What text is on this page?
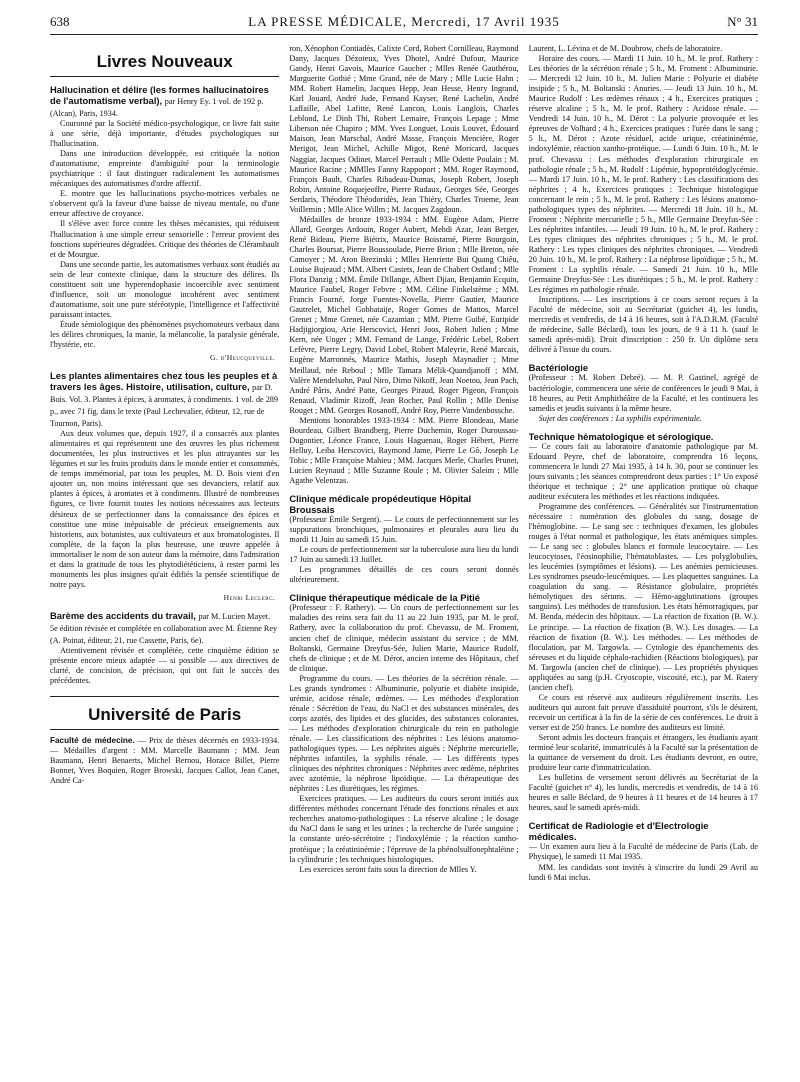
638	LA PRESSE MÉDICALE, Mercredi, 17 Avril 1935	N° 31
Livres Nouveaux
Hallucination et délire (les formes hallucinatoires de l'automatisme verbal), par Henry Ey. 1 vol. de 192 p. (Alcan), Paris, 1934.

Couronné par la Société médico-psychologique, ce livre fait suite à une série, déjà importante, d'études psychologiques sur l'hallucination.

Dans une introduction développée, est critiquée la notion d'automatisme, empreinte d'ambiguïté pour la terminologie psychiatrique : il faut distinguer radicalement les automatismes mécaniques des automatismes d'ordre affectif.

E. montre que les hallucinations psycho-motrices verbales ne s'observent qu'à la faveur d'une baisse de niveau mentale, ou d'une erreur affective de croyance.

Il s'élève avec force contre les thèses mécanistes, qui réduisent l'hallucination à une simple erreur sensorielle : l'erreur provient des fonctions supérieures dégradées. Critique des théories de Clérambault et de Mourgue.

Dans une seconde partie, les automatismes verbaux sont étudiés au sein de leur contexte clinique, dans la structure des délires. Ils constituent soit une hyperendophasie incoercible avec sentiment d'influence, soit un monologue incohérent avec sentiment d'automatisme, soit une pure stéréotypie, l'intelligence et l'affectivité paraissant intactes.

Étude sémiologique des phénomènes psychomoteurs verbaux dans les délires chroniques, la manie, la mélancolie, la paralysie générale, l'hystérie, etc.

G. d'Heucqueville.
Les plantes alimentaires chez tous les peuples et à travers les âges. Histoire, utilisation, culture, par D. Bois. Vol. 3. Plantes à épices, à aromates, à condiments. 1 vol. de 289 p., avec 71 fig. dans le texte (Paul Lechevalier, éditeur, 12, rue de Tournon, Paris).

Aux deux volumes que, depuis 1927, il a consacrés aux plantes alimentaires et qui représentent une des œuvres les plus richement documentées, les plus instructives et les plus attrayantes sur les légumes et sur les fruits produits dans le monde entier et consommés, de temps immémorial, par tous les peuples, M. D. Bois vient d'en ajouter un, non moins intéressant que ses devanciers, relatif aux plantes à épices, à aromates et à condiments. Illustré de nombreuses figures, ce livre fournit toutes les notions nécessaires aux lecteurs désireux de se perfectionner dans la connaissance des épices et constitue une mine inépuisable de précieux enseignements aux historiens, aux botanistes, aux cultivateurs et aux bromatologistes. Il complète, de la façon la plus heureuse, une œuvre appelée à immortaliser le nom de son auteur dans la mémoire, dans l'admiration et dans la gratitude de tous les phytodiététiciens, à rester parmi les monuments les plus insignes qu'ait édifiés la pensée scientifique de notre pays.

Henri Leclerc.
Barème des accidents du travail, par M. Lucien Mayet. 5e édition révisée et complétée en collaboration avec M. Étienne Rey (A. Poinat, éditeur, 21, rue Cassette, Paris, 6e).

Attentivement révisée et complétée, cette cinquième édition se présente encore mieux adaptée — si possible — aux directives de clarté, de concision, de précision, qui ont fait le succès des précédentes.

Université de Paris

Faculté de médecine. — Prix de thèses décernés en 1933-1934. — Médailles d'argent : MM. Marcelle Baumann ; MM. Jean Baumann, Henri Benaerts, Michel Bernou, Horace Billet, Pierre Bonnet, Yves Boquien, Roger Browski, Jacques Callot, Jean Canet, André Ca-

ron, Xénophon Contiadès, Calixte Cord, Robert Cornilleau, Raymond Dany, Jacques Dézoteux, Yves Dhotel, André Dufour, Maurice Gandy, Henri Gavois, Maurice Gaucher ; Mlles Renée Gauthérou, Marguerite Gothié ; Mme Grand, née de Mary ; Mlle Lucie Hahn ; MM. Robert Hamelin, Jacques Hepp, Jean Hesse, Henry Ingrand, Karl Jouard, André Jude, Fernand Kayser, René Lachelin, André Laffaille, Abel Lafitte, René Lancon, Louis Langlois, Charles Leblond, Le Dinh Thi, Robert Lemaire, François Lepage ; Mme Liberson née Chapiro ; MM. Yves Longuet, Louis Louvet, Édouard Maison, Jean Marschal, André Masse, François Mencière, Roger Merigot, Jean Michel, Achille Migot, René Moricard, Jacques Naggiar, Jacques Odinet, Marcel Perrault ; Mlle Odette Poulain ; M. Maurice Racine ; MMlles Fanny Rappoport ; MM. Roger Raymond, François Bault, Charles Ribadeau-Dumas, Joseph Robert, Joseph Robin, Antoine Roquejeoffre, Pierre Rudaux, Georges Sée, Georges Serdaris, Théodore Théodoridès, Jean Thiéry, Charles Troeme, Jean Voillemin ; Mlle Alice Willm ; M. Jacques Zagdoun.

Médailles de bronze 1933-1934 : MM. Eugène Adam, Pierre Allard, Georges Ardouin, Roger Aubert, Mehdi Azar, Jean Berger, René Bideau, Pierre Biétrix, Maurice Boisramé, Pierre Bourgoin, Charles Boursat, Pierre Boussoulade, Pierre Brion ; Mlle Breton, née Camoyer ; M. Aron Brezinski ; Mlles Henriette Bui Quang Chiêu, Louise Bujeaud ; MM. Albert Castets, Jean de Chabert Ostland ; Mlle Flora Danzig ; MM. Émile Dillange, Albert Djian, Benjamin Ecquin, Maurice Faubel, Roger Febvre ; MM. Céline Finkelstème ; MM. Francis Fourné, Jorge Fuentes-Novella, Pierre Gautier, Maurice Gautrelet, Michel Gobbataije, Roger Gomes de Mattos, Marcel Grenet ; Mme Grenet, née Cazamian ; MM. Pierre Guibé, Euripide Hadjigiorgiou, Arie Herscovici, Henri Joos, Robert Julien ; Mme Kern, née Unger ; MM. Fernand de Lange, Frédéric Lebel, Robert Lefèvre, Pierre Legry, David Lobel, Robert Maleyrie, René Marcais, Eugène Marronnés, Maurice Mathis, Joseph Maynadier ; Mme Meillaud, née Reboul ; Mlle Tamara Mélik-Quandjanoff ; MM. Valère Mendelsohn, Paul Niro, Dimo Nikoff, Jean Noetou, Jean Pach, André Pâris, André Patte, Georges Piraud, Roger Pigeon, François Renaud, Vladimir Rizoff, Jean Rocher, Paul Rollin ; Mlle Denise Rouget ; MM. Georges Rosanoff, André Roy, Pierre Vandenbossche.

Mentions honorables 1933-1934 : MM. Pierre Blondeau, Marie Bourdeau, Gilbert Brandberg, Pierre Duchemin, Roger Duroussau-Dugontier, Léonce France, Louis Haguenau, Roger Hébert, Pierre Helluy, Leiba Herscovici, Raymond Jame, Pierre Le Gô, Joseph Le Tohic ; Mlle Françoise Mahieu ; MM. Jacques Merle, Charles Prunet, Lucien Reynaud ; Mlle Suzanne Roule ; M. Olivier Saleim ; Mlle Agathe Velentzas.

Clinique médicale propédeutique Hôpital Broussais

(Professeur Émile Sergent). — Le cours de perfectionnement sur les suppurations bronchiques, pulmonaires et pleurales aura lieu du mardi 11 Juin au samedi 15 Juin.

Le cours de perfectionnement sur la tuberculose aura lieu du lundi 17 Juin au samedi 13 Juillet.

Les programmes détaillés de ces cours seront donnés ultérieurement.

Clinique thérapeutique médicale de la Pitié

(Professeur : F. Rathery). — Un cours de perfectionnement sur les maladies des reins sera fait du 11 au 22 Juin 1935, par M. le prof. Rathery, avec la collaboration du prof. Chevassu, de M. Froment, ancien chef de clinique, médecin assistant du service ; de MM. Boltanski, Germaine Dreyfus-Sée, Julien Marie, Maurice Rudolf, chefs de clinique ; et de M. Dérot, ancien interne des Hôpitaux, chef de clinique.

Programme du cours. — Les théories de la sécrétion rénale. — Les grands syndromes : Albuminurie, polyurie et diabète insipide, urémie, acidose rénale, œdèmes. — Les méthodes d'exploration rénale : Sécrétion de l'eau, du NaCl et des substances minérales, des corps azotés, des lipides et des glucides, des substances colorantes. — Les méthodes d'exploration chirurgicale du rein en pathologie rénale. — Les classifications des néphrites : Les lésions anatomo-pathologiques types. — Les néphrites aiguës : Néphrite mercurielle, néphrites infantiles, la syphilis rénale. — Les différents types cliniques des néphrites chroniques : Néphrites avec œdème, néphrites avec azotémie, la néphrose lipoïdique. — La thérapeutique des néphrites : Les diurétiques, les régimes.

Exercices pratiques. — Les auditeurs du cours seront initiés aux différentes méthodes concernant l'étude des fonctions rénales et aux recherches anatomo-pathologiques : La réserve alcaline ; le dosage du NaCl dans le sang et les urines ; la recherche de l'urée sanguine ; la constante uréo-sécrétoire ; l'indoxylémie ; la réaction xantho-protéique ; la créatininémie ; l'épreuve de la phénolsulfonephtaléine ; la cylindrurie ; les techniques histologiques.

Les exercices seront faits sous la direction de Mlles Y.

Laurent, L. Lévina et de M. Doubrow, chefs de laboratoire.

Horaire des cours. — Mardi 11 Juin. 10 h., M. le prof. Rathery : Les théories de la sécrétion rénale ; 5 h., M. Froment : Albuminurie. — Mercredi 12 Juin. 10 h., M. Julien Marie : Polyurie et diabète insipide ; 5 h., M. Boltanski : Anuries. — Jeudi 13 Juin. 10 h., M. Maurice Rudolf : Les œdèmes rénaux ; 4 h., Exercices pratiques ; réserve alcaline ; 5 h., M. le prof. Rathery : Acidose rénale. — Vendredi 14 Juin. 10 h., M. Dérot : La polyurie provoquée et les épreuves de Volhard ; 4 h., Exercices pratiques : l'urée dans le sang ; 5 h., M. Dérot : Azote résiduel, acide urique, créatininémie, indoxylémie, réaction xantho-protéique. — Lundi 6 Juin. 10 h., M. le prof. Chevassu : Les méthodes d'exploration chirurgicale en pathologie rénale ; 5 h., M. Rudolf : Lipémie, hypoprotéidoglycémie. — Mardi 17 Juin. 10 h., M. le prof. Rathery : Les classifications des néphrites ; 4 h., Exercices pratiques : Technique histologique concernant le rein ; 5 h., M. le prof. Rathery : Les lésions anatomo-pathologiques types des néphrites. — Mercredi 18 Juin. 10 h., M. Froment : Néphrite mercurielle ; 5 h., Mlle Germaine Dreyfus-Sée : Les néphrites infantiles. — Jeudi 19 Juin. 10 h., M. le prof. Rathery : Les types cliniques des néphrites chroniques ; 5 h., M. le prof. Rathery : Les types cliniques des néphrites chroniques. — Vendredi 20 Juin. 10 h., M. le prof. Rathery : La néphrose lipoïdique ; 5 h., M. Froment : La syphilis rénale. — Samedi 21 Juin. 10 h., Mlle Germaine Dreyfus-Sée : Les diurétiques ; 5 h., M. le prof. Rathery : Les régimes en pathologie rénale.

Inscriptions. — Les inscriptions à ce cours seront reçues à la Faculté de médecine, soit au Secrétariat (guichet 4), les lundis, mercredis et vendredis, de 14 à 16 heures, soit à l'A.D.R.M. (Faculté de médecine, Salle Béclard), tous les jours, de 9 à 11 h. (sauf le samedi après-midi). Droit d'inscription : 250 fr. Un diplôme sera délivré à l'issue du cours.

Bactériologie

(Professeur : M. Robert Debré). — M. P. Gastinel, agrégé de bactériologie, commencera une série de conférences le jeudi 9 Mai, à 18 heures, au Petit Amphithéâtre de la Faculté, et les continuera les samedis et jeudis suivants à la même heure.

Sujet des conférences : La syphilis expérimentale.

Technique hématologique et sérologique.

— Ce cours fait au laboratoire d'anatomie pathologique par M. Edouard Peyre, chef de laboratoire, comprendra 16 leçons, commencera le lundi 27 Mai 1935, à 14 h. 30, pour se continuer les jours suivants ; les séances comprendront deux parties : 1° Un exposé théorique et technique ; 2° une application pratique où chaque auditeur exécutera les méthodes et les réactions indiquées.

Programme des conférences. — Généralités sur l'instrumentation nécessaire : numération des globules du sang, dosage de l'hémoglobine. — Le sang sec : techniques d'examen, les globules rouges à l'état normal et pathologique, les états anémiques simples. — Le sang sec : globules blancs et formule leucocytaire. — Les leucocytoses, l'éosinophilie, l'hématoblastes. — Les polyglobulies, les leucémies (symptômes et lésions). — Les anémies pernicieuses. Les syndromes pseudo-leucémiques. — Les plaquettes sanguines. La coagulation du sang. — Résistance globulaire, propriétés hémolytiques des sérums. — Hémo-agglutinations (groupes sanguins). Les méthodes de transfusion. Les états hémorragiques, par M. Benda, médecin des hôpitaux. — La réaction de fixation (B. W.). Le principe. — La réaction de fixation (B. W.). Les dosages. — La réaction de fixation (B. W.). Les méthodes. — Les méthodes de floculation, par M. Targowla. — Cytologie des épanchements des séreuses et du liquide céphalo-rachidien (Réactions biologiques), par M. Targowla (ancien chef de clinique). — Les propriétés physiques appliquées au sang (p.H. Cryoscopie, viscosité, etc.), par M. Ratery (ancien chef).

Ce cours est réservé aux auditeurs régulièrement inscrits. Les auditeurs qui auront fait preuve d'assiduité pourront, s'ils le désirent, recevoir un certificat à la fin de la série de ces conférences. Le droit à verser est de 250 francs. Le nombre des auditeurs est limité.

Seront admis les docteurs français et étrangers, les étudiants ayant terminé leur scolarité, immatriculés à la Faculté sur la présentation de la quittance de versement du droit. Les étudiants devront, en outre, produire leur carte d'immatriculation.

Les bulletins de versement seront délivrés au Secrétariat de la Faculté (guichet n° 4), les lundis, mercredis et vendredis, de 14 à 16 heures et salle Béclard, de 9 heures à 11 heures et de 14 heures à 17 heures, sauf le samedi après-midi.

Certificat de Radiologie et d'Electrologie médicales.

— Un examen aura lieu à la Faculté de médecine de Paris (Lab. de Physique), le samedi 11 Mai 1935.

MM. les candidats sont invités à s'inscrire du lundi 29 Avril au lundi 6 Mai inclus.
